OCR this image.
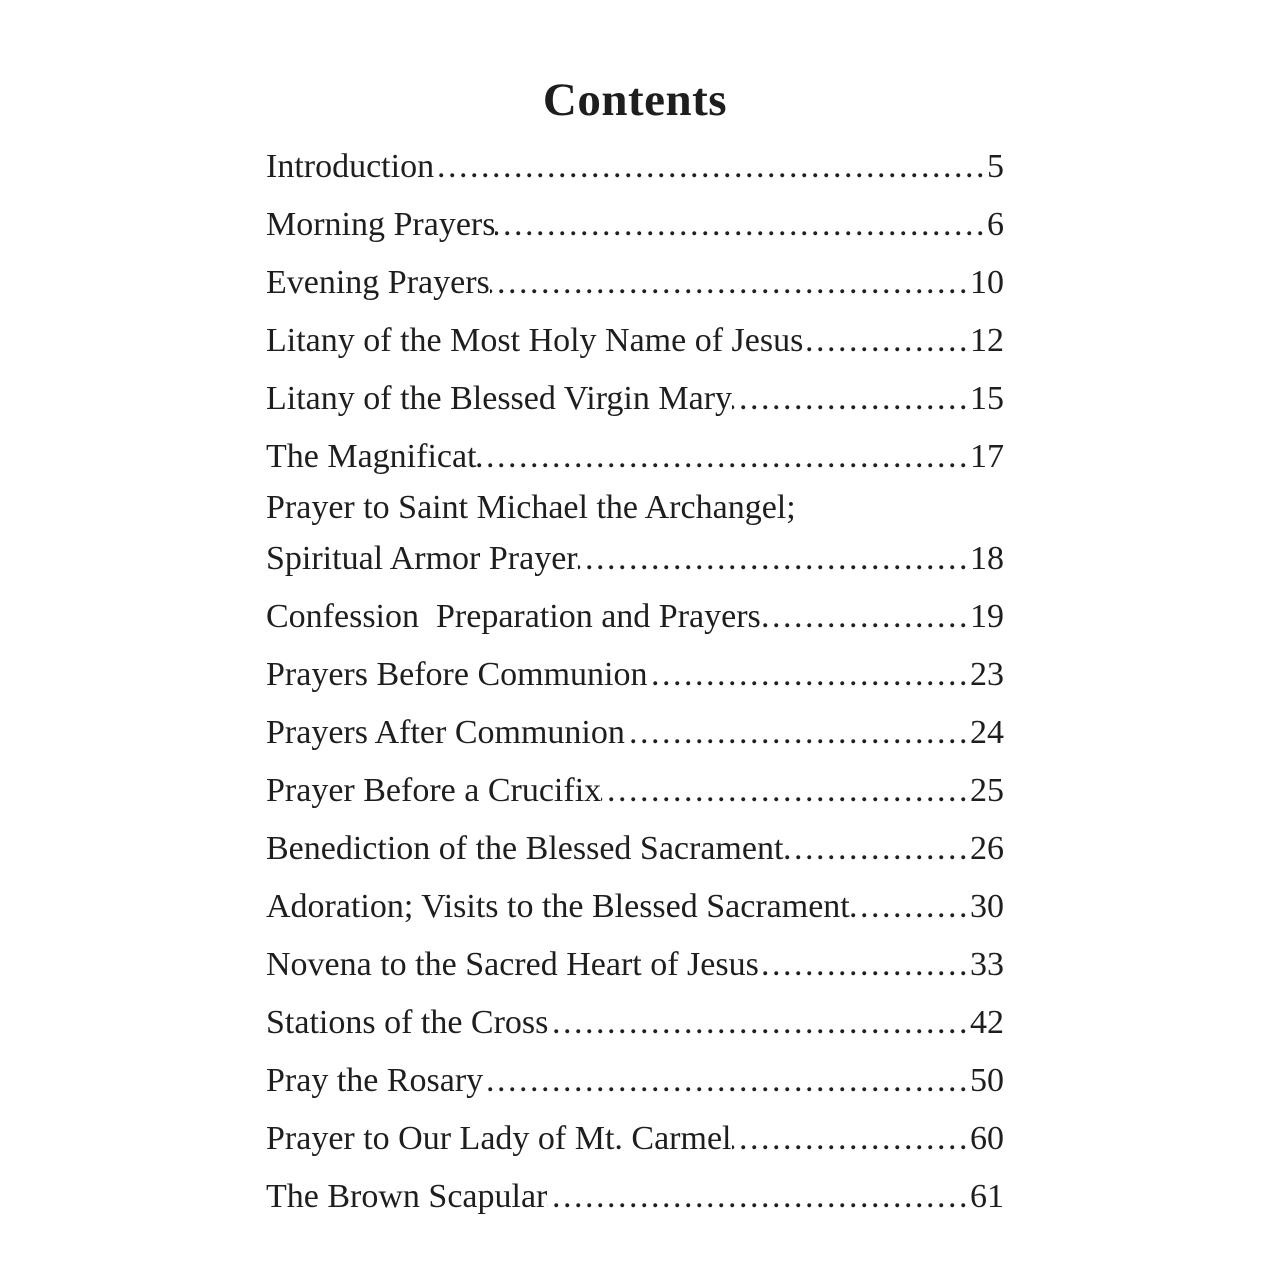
Contents
Introduction .....	5
Morning Prayers .....	6
Evening Prayers .....	10
Litany of the Most Holy Name of Jesus .....	12
Litany of the Blessed Virgin Mary .....	15
The Magnificat .....	17
Prayer to Saint Michael the Archangel;
Spiritual Armor Prayer .....	18
Confession  Preparation and Prayers .....	19
Prayers Before Communion .....	23
Prayers After Communion .....	24
Prayer Before a Crucifix .....	25
Benediction of the Blessed Sacrament .....	26
Adoration; Visits to the Blessed Sacrament .....	30
Novena to the Sacred Heart of Jesus .....	33
Stations of the Cross .....	42
Pray the Rosary .....	50
Prayer to Our Lady of Mt. Carmel .....	60
The Brown Scapular .....	61
